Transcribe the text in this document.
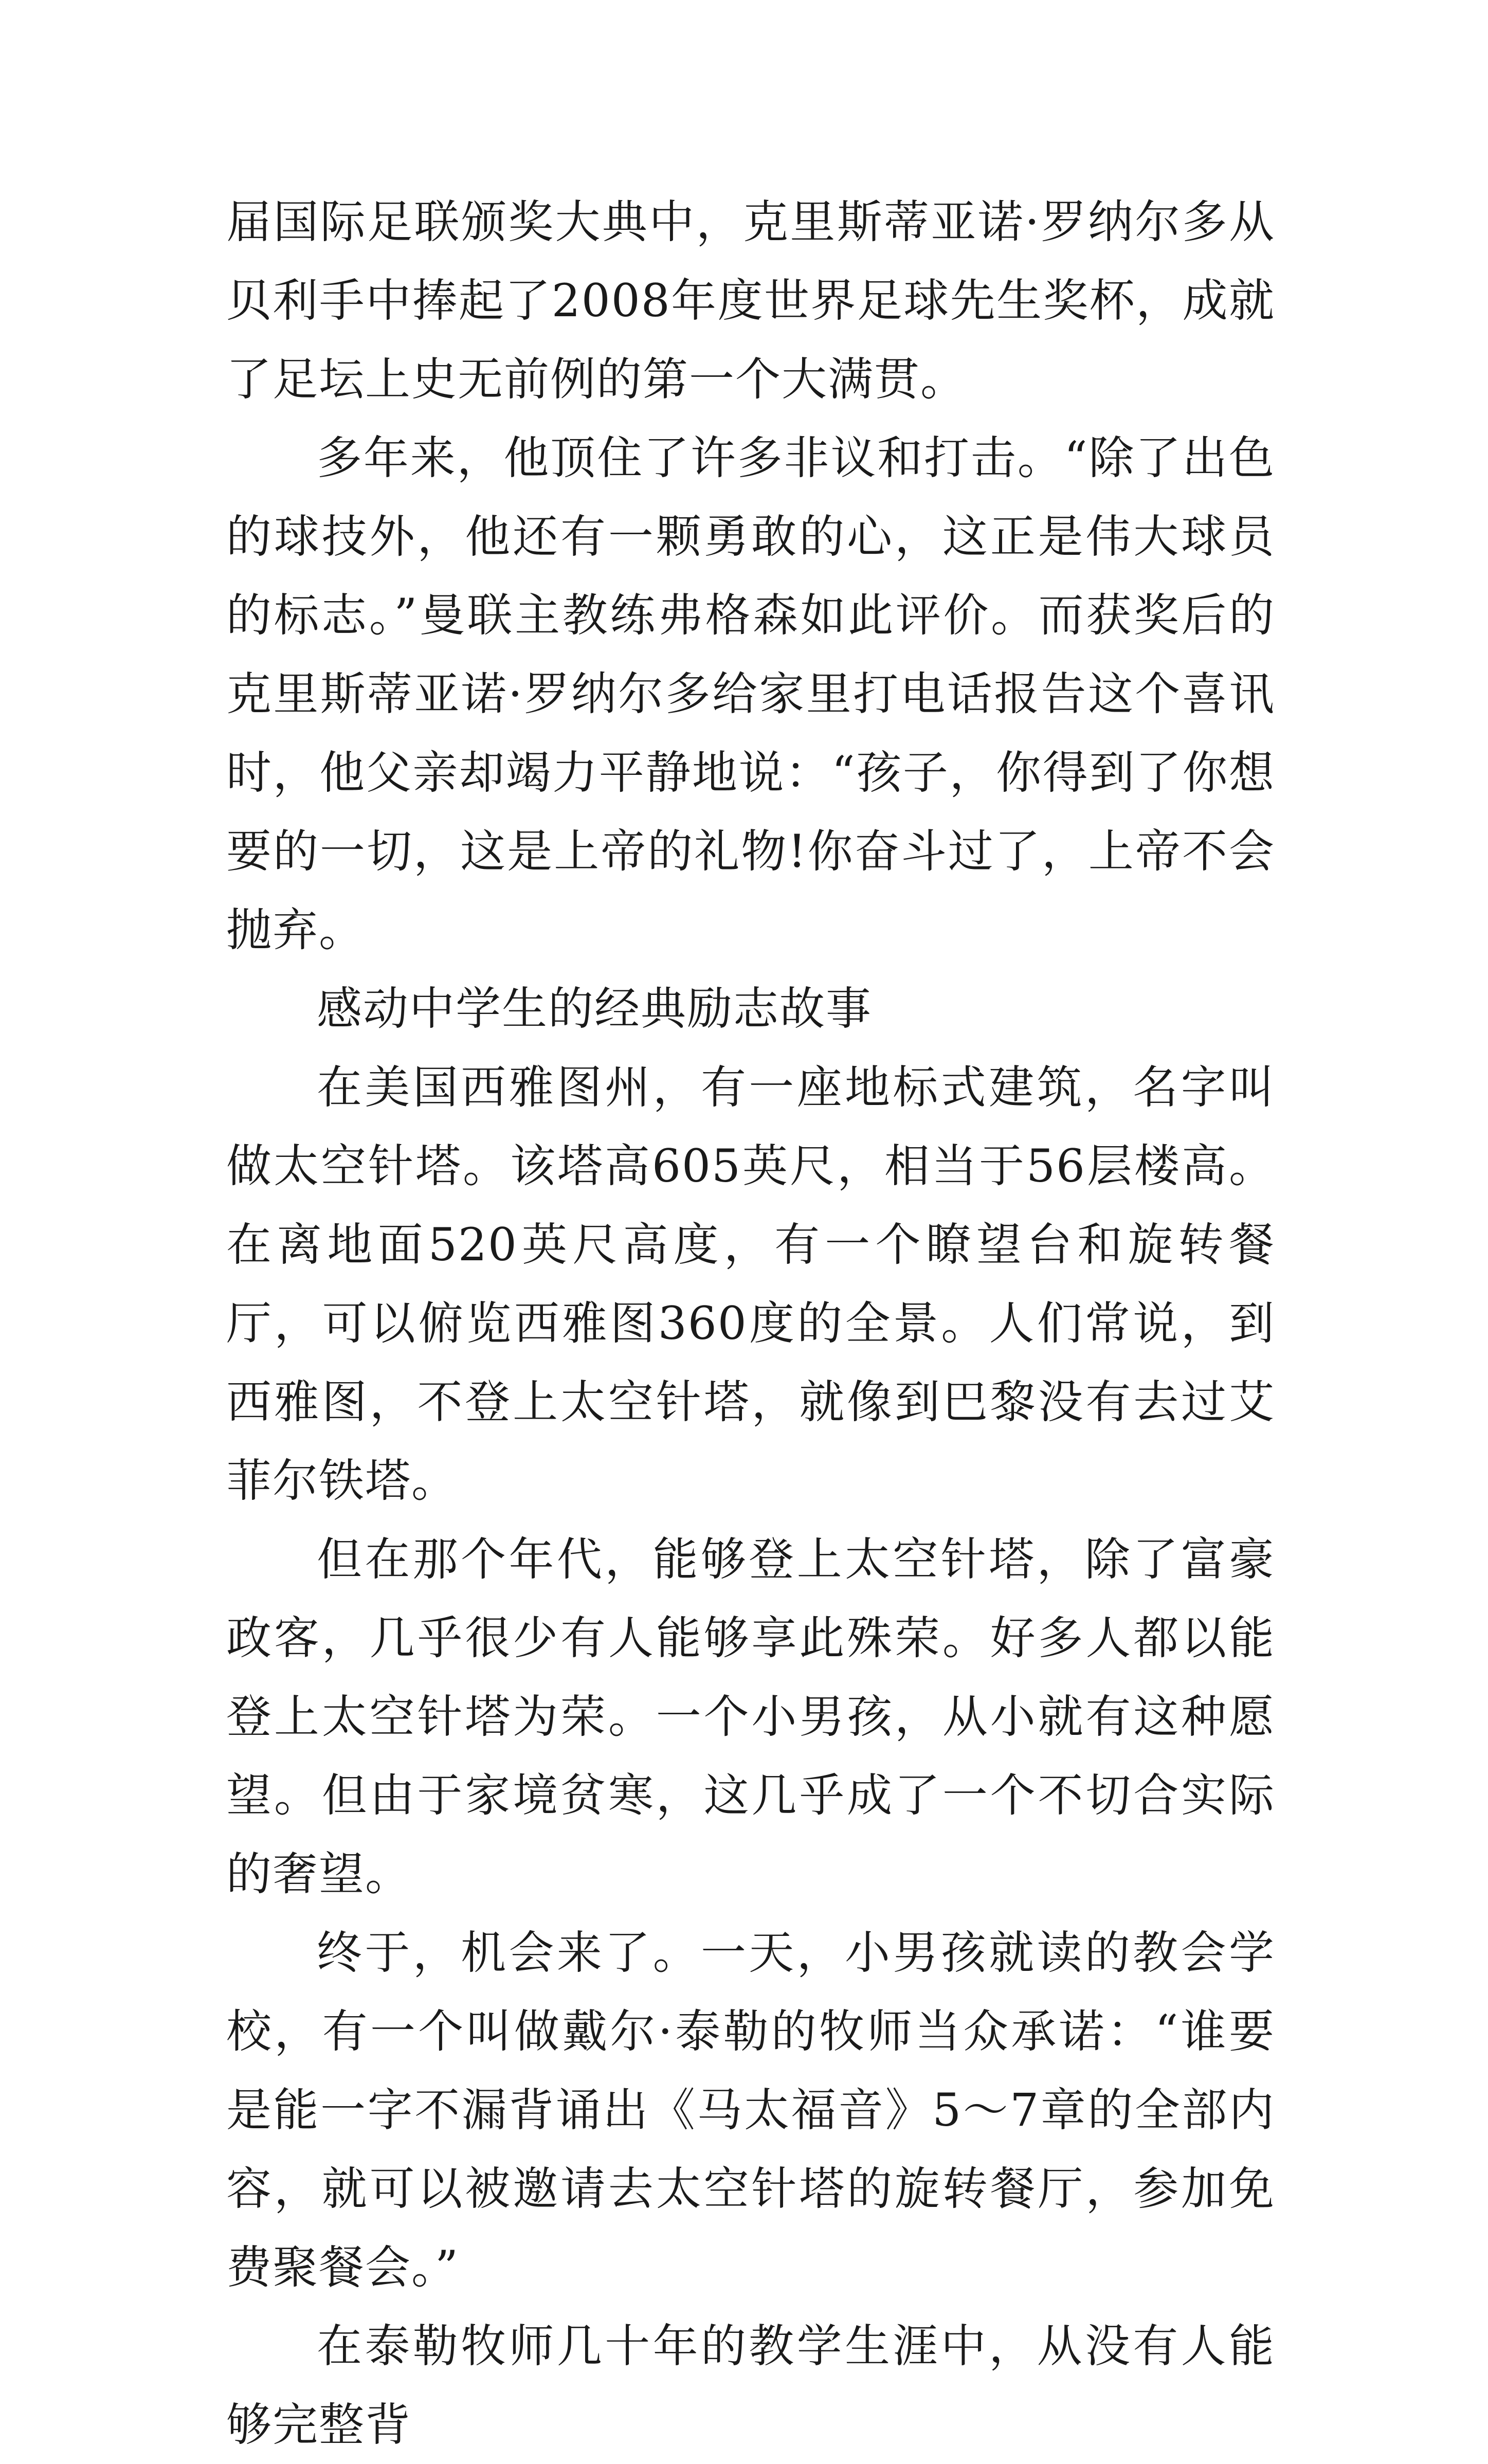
届国际足联颁奖大典中，克里斯蒂亚诺·罗纳尔多从贝利手中捧起了2008年度世界足球先生奖杯，成就了足坛上史无前例的第一个大满贯。

多年来，他顶住了许多非议和打击。“除了出色的球技外，他还有一颗勇敢的心，这正是伟大球员的标志。”曼联主教练弗格森如此评价。而获奖后的克里斯蒂亚诺·罗纳尔多给家里打电话报告这个喜讯时，他父亲却竭力平静地说：“孩子，你得到了你想要的一切，这是上帝的礼物!你奋斗过了，上帝不会抛弃。

感动中学生的经典励志故事

在美国西雅图州，有一座地标式建筑，名字叫做太空针塔。该塔高605英尺，相当于56层楼高。在离地面520英尺高度，有一个瞭望台和旋转餐厅，可以俯览西雅图360度的全景。人们常说，到西雅图，不登上太空针塔，就像到巴黎没有去过艾菲尔铁塔。

但在那个年代，能够登上太空针塔，除了富豪政客，几乎很少有人能够享此殊荣。好多人都以能登上太空针塔为荣。一个小男孩，从小就有这种愿望。但由于家境贫寒，这几乎成了一个不切合实际的奢望。

终于，机会来了。一天，小男孩就读的教会学校，有一个叫做戴尔·泰勒的牧师当众承诺：“谁要是能一字不漏背诵出《马太福音》5～7章的全部内容，就可以被邀请去太空针塔的旋转餐厅，参加免费聚餐会。”

在泰勒牧师几十年的教学生涯中，从没有人能够完整背
